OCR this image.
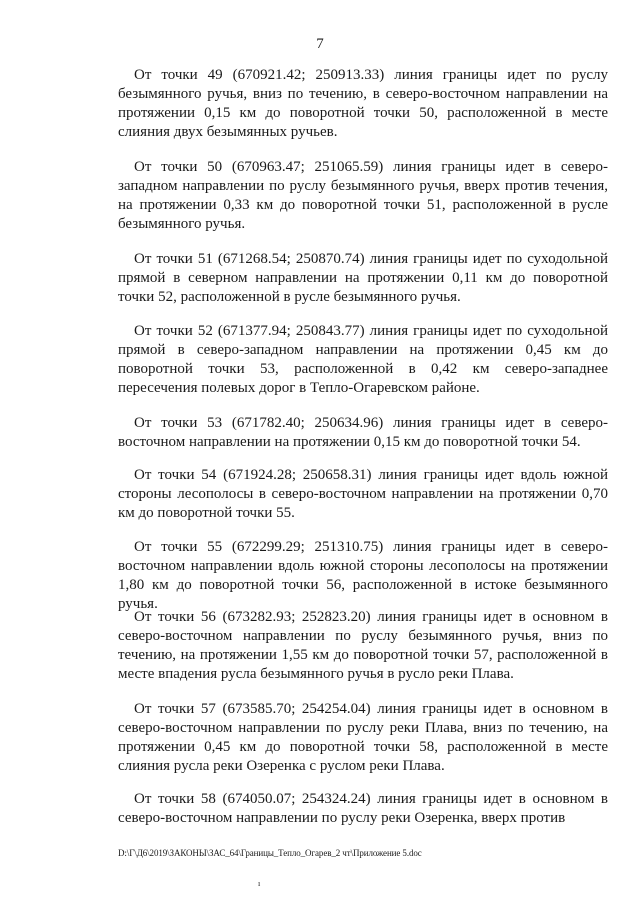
7
От точки 49 (670921.42; 250913.33) линия границы идет по руслу безымянного ручья, вниз по течению, в северо-восточном направлении на протяжении 0,15 км до поворотной точки 50, расположенной в месте слияния двух безымянных ручьев.
От точки 50 (670963.47; 251065.59) линия границы идет в северо-западном направлении по руслу безымянного ручья, вверх против течения, на протяжении 0,33 км до поворотной точки 51, расположенной в русле безымянного ручья.
От точки 51 (671268.54; 250870.74) линия границы идет по суходольной прямой в северном направлении на протяжении 0,11 км до поворотной точки 52, расположенной в русле безымянного ручья.
От точки 52 (671377.94; 250843.77) линия границы идет по суходольной прямой в северо-западном направлении на протяжении 0,45 км до поворотной точки 53, расположенной в 0,42 км северо-западнее пересечения полевых дорог в Тепло-Огаревском районе.
От точки 53 (671782.40; 250634.96) линия границы идет в северо-восточном направлении на протяжении 0,15 км до поворотной точки 54.
От точки 54 (671924.28; 250658.31) линия границы идет вдоль южной стороны лесополосы в северо-восточном направлении на протяжении 0,70 км до поворотной точки 55.
От точки 55 (672299.29; 251310.75) линия границы идет в северо-восточном направлении вдоль южной стороны лесополосы на протяжении 1,80 км до поворотной точки 56, расположенной в истоке безымянного ручья.
От точки 56 (673282.93; 252823.20) линия границы идет в основном в северо-восточном направлении по руслу безымянного ручья, вниз по течению, на протяжении 1,55 км до поворотной точки 57, расположенной в месте впадения русла безымянного ручья в русло реки Плава.
От точки 57 (673585.70; 254254.04) линия границы идет в основном в северо-восточном направлении по руслу реки Плава, вниз по течению, на протяжении 0,45 км до поворотной точки 58, расположенной в месте слияния русла реки Озеренка с руслом реки Плава.
От точки 58 (674050.07; 254324.24) линия границы идет в основном в северо-восточном направлении по руслу реки Озеренка, вверх против
D:\Г\Д6\2019\ЗАКОНЫ\ЗАС_64\Границы_Тепло_Огарев_2 чт\Приложение 5.doc
ı
